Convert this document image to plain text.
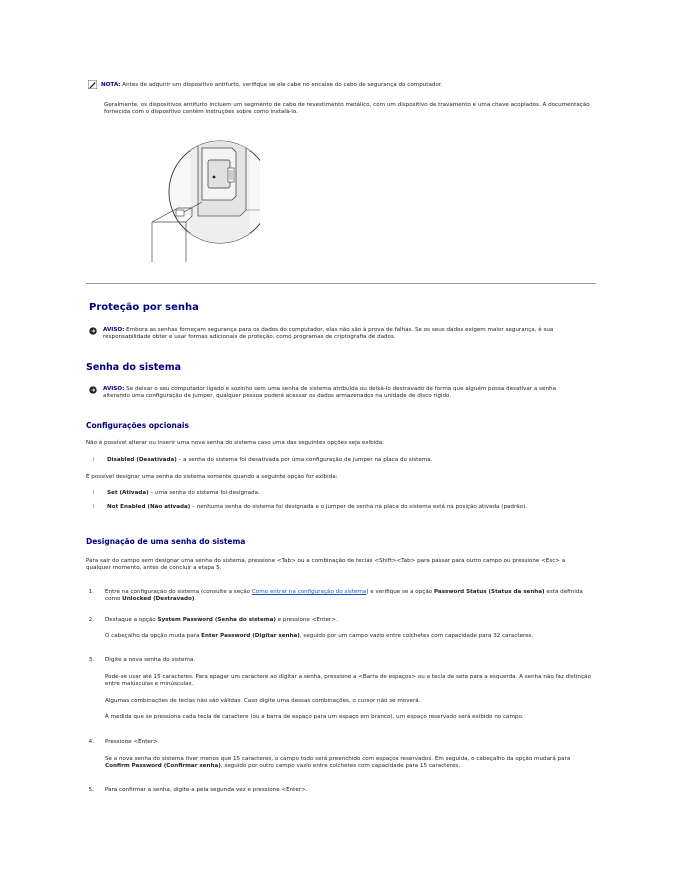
NOTA: Antes de adquirir um dispositivo antifurto, verifique se ele cabe no encaixe do cabo de segurança do computador.
Geralmente, os dispositivos antifurto incluem um segmento de cabo de revestimento metálico, com um dispositivo de travamento e uma chave acoplados. A documentação fornecida com o dispositivo contém instruções sobre como instalá-lo.
Proteção por senha
AVISO: Embora as senhas forneçam segurança para os dados do computador, elas não são à prova de falhas. Se os seus dados exigem maior segurança, é sua responsabilidade obter e usar formas adicionais de proteção, como programas de criptografia de dados.
Senha do sistema
AVISO: Se deixar o seu computador ligado e sozinho sem uma senha de sistema atribuída ou deixá-lo destravado de forma que alguém possa desativar a senha alterando uma configuração de jumper, qualquer pessoa poderá acessar os dados armazenados na unidade de disco rígido.
Configurações opcionais
Não é possível alterar ou inserir uma nova senha do sistema caso uma das seguintes opções seja exibida:
l Disabled (Desativada) – a senha do sistema foi desativada por uma configuração de jumper na placa do sistema.
É possível designar uma senha do sistema somente quando a seguinte opção for exibida:
l Set (Ativada) – uma senha do sistema foi designada.
l Not Enabled (Não ativada) – nenhuma senha do sistema foi designada e o jumper de senha na placa do sistema está na posição ativada (padrão).
Designação de uma senha do sistema
Para sair do campo sem designar uma senha do sistema, pressione <Tab> ou a combinação de teclas <Shift><Tab> para passar para outro campo ou pressione <Esc> a qualquer momento, antes de concluir a etapa 5.
1. Entre na configuração do sistema (consulte a seção Como entrar na configuração do sistema) e verifique se a opção Password Status (Status da senha) está definida como Unlocked (Destravado).
2. Destaque a opção System Password (Senha do sistema) e pressione <Enter>.
O cabeçalho da opção muda para Enter Password (Digitar senha), seguido por um campo vazio entre colchetes com capacidade para 32 caracteres.
3. Digite a nova senha do sistema.
Pode-se usar até 15 caracteres. Para apagar um caractere ao digitar a senha, pressione a <Barra de espaços> ou a tecla de seta para a esquerda. A senha não faz distinção entre maiúsculas e minúsculas.
Algumas combinações de teclas não são válidas. Caso digite uma dessas combinações, o cursor não se moverá.
À medida que se pressiona cada tecla de caractere (ou a barra de espaço para um espaço em branco), um espaço reservado será exibido no campo.
4. Pressione <Enter>.
Se a nova senha do sistema tiver menos que 15 caracteres, o campo todo será preenchido com espaços reservados. Em seguida, o cabeçalho da opção mudará para Confirm Password (Confirmar senha), seguido por outro campo vazio entre colchetes com capacidade para 15 caracteres.
5. Para confirmar a senha, digite-a pela segunda vez e pressione <Enter>.
